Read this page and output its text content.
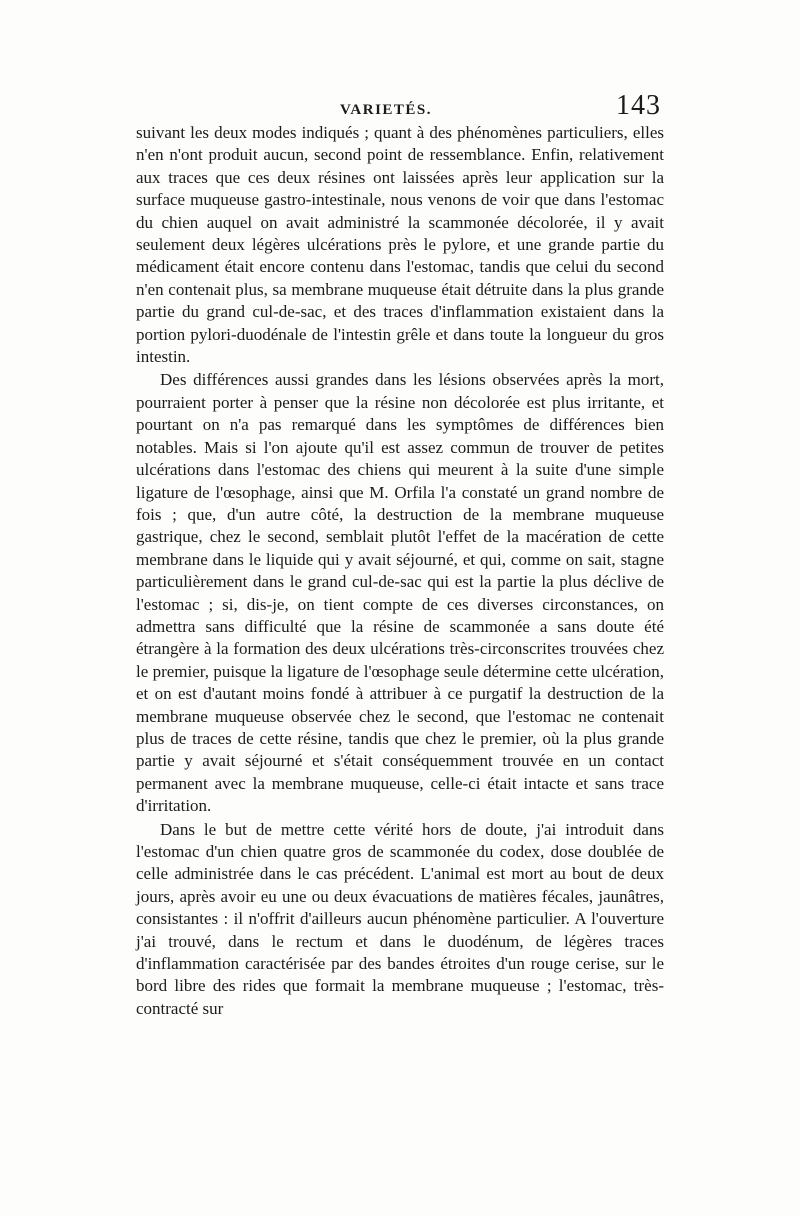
VARIETÉS.	143

suivant les deux modes indiqués ; quant à des phénomènes particuliers, elles n'en n'ont produit aucun, second point de ressemblance. Enfin, relativement aux traces que ces deux résines ont laissées après leur application sur la surface muqueuse gastro-intestinale, nous venons de voir que dans l'estomac du chien auquel on avait administré la scammonée décolorée, il y avait seulement deux légères ulcérations près le pylore, et une grande partie du médicament était encore contenu dans l'estomac, tandis que celui du second n'en contenait plus, sa membrane muqueuse était détruite dans la plus grande partie du grand cul-de-sac, et des traces d'inflammation existaient dans la portion pylori-duodénale de l'intestin grêle et dans toute la longueur du gros intestin.

Des différences aussi grandes dans les lésions observées après la mort, pourraient porter à penser que la résine non décolorée est plus irritante, et pourtant on n'a pas remarqué dans les symptômes de différences bien notables. Mais si l'on ajoute qu'il est assez commun de trouver de petites ulcérations dans l'estomac des chiens qui meurent à la suite d'une simple ligature de l'œsophage, ainsi que M. Orfila l'a constaté un grand nombre de fois ; que, d'un autre côté, la destruction de la membrane muqueuse gastrique, chez le second, semblait plutôt l'effet de la macération de cette membrane dans le liquide qui y avait séjourné, et qui, comme on sait, stagne particulièrement dans le grand cul-de-sac qui est la partie la plus déclive de l'estomac ; si, dis-je, on tient compte de ces diverses circonstances, on admettra sans difficulté que la résine de scammonée a sans doute été étrangère à la formation des deux ulcérations très-circonscrites trouvées chez le premier, puisque la ligature de l'œsophage seule détermine cette ulcération, et on est d'autant moins fondé à attribuer à ce purgatif la destruction de la membrane muqueuse observée chez le second, que l'estomac ne contenait plus de traces de cette résine, tandis que chez le premier, où la plus grande partie y avait séjourné et s'était conséquemment trouvée en un contact permanent avec la membrane muqueuse, celle-ci était intacte et sans trace d'irritation.

Dans le but de mettre cette vérité hors de doute, j'ai introduit dans l'estomac d'un chien quatre gros de scammonée du codex, dose doublée de celle administrée dans le cas précédent. L'animal est mort au bout de deux jours, après avoir eu une ou deux évacuations de matières fécales, jaunâtres, consistantes : il n'offrit d'ailleurs aucun phénomène particulier. A l'ouverture j'ai trouvé, dans le rectum et dans le duodénum, de légères traces d'inflammation caractérisée par des bandes étroites d'un rouge cerise, sur le bord libre des rides que formait la membrane muqueuse ; l'estomac, très-contracté sur
